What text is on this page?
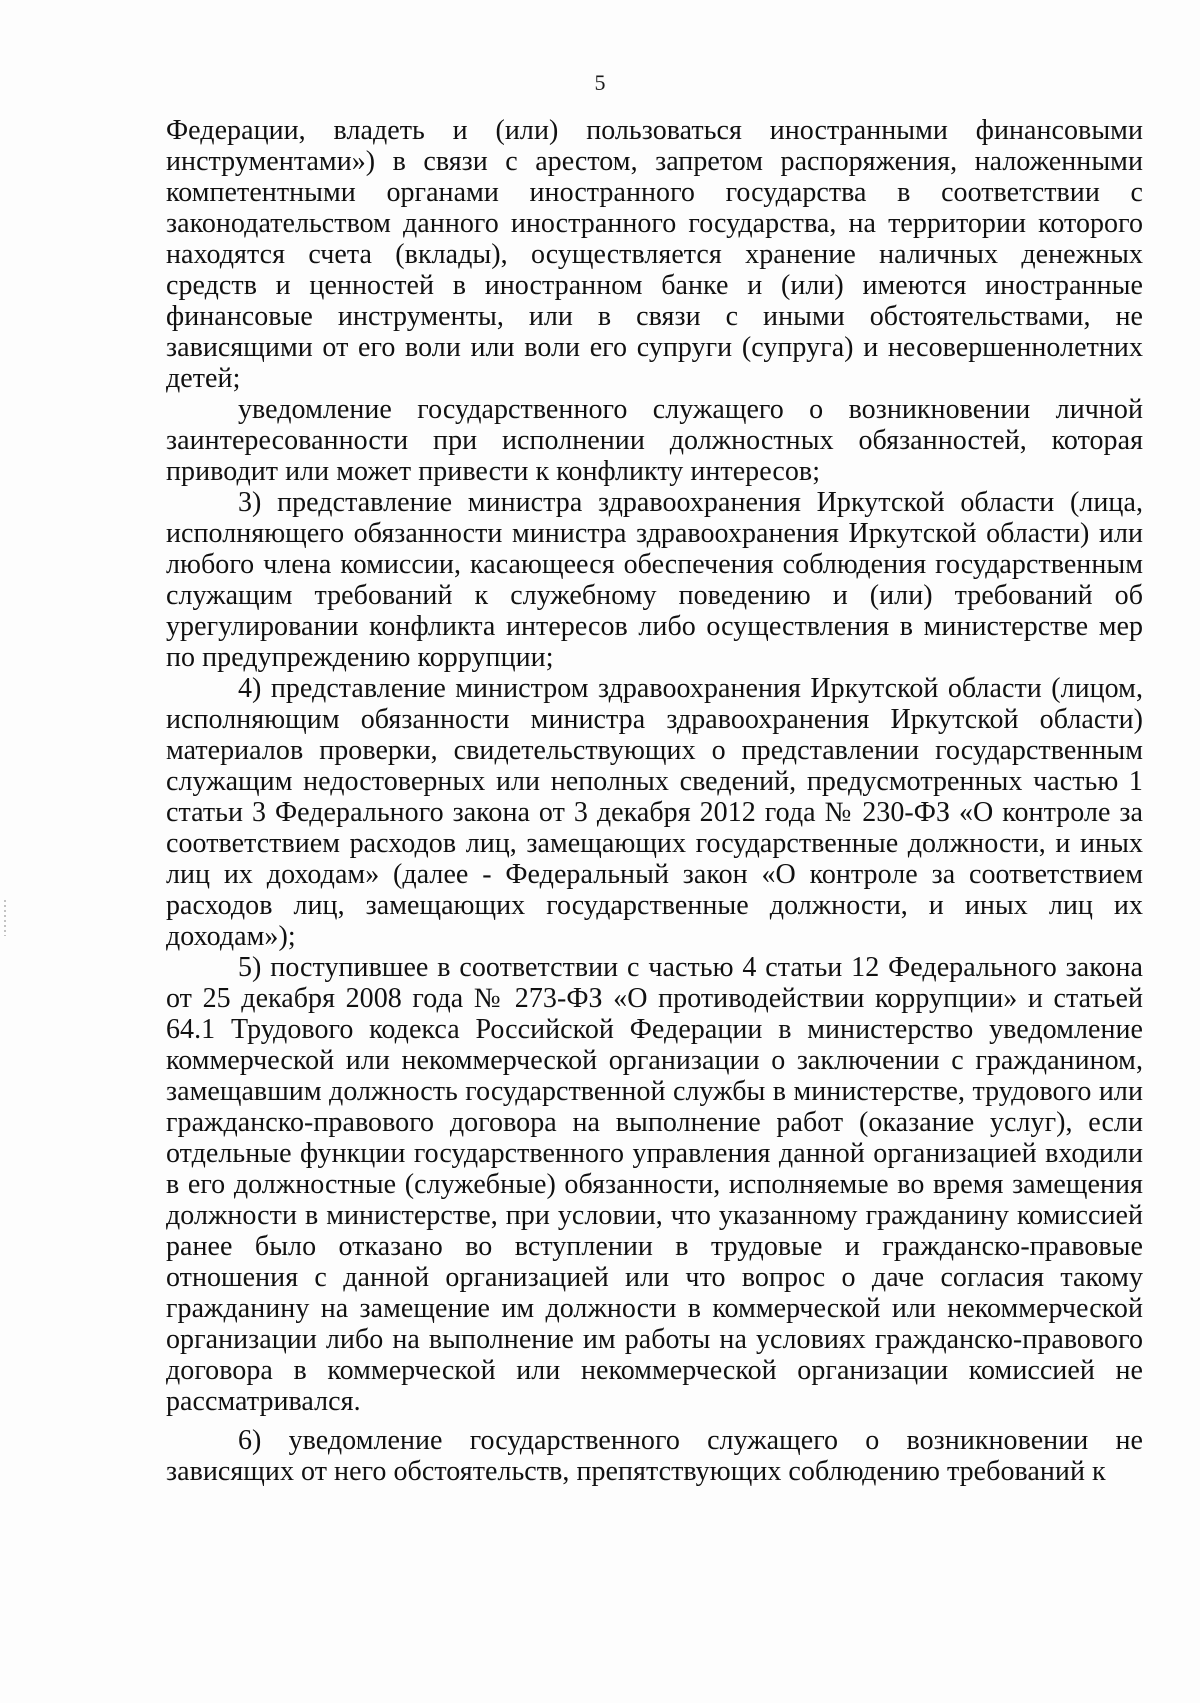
5

Федерации, владеть и (или) пользоваться иностранными финансовыми инструментами») в связи с арестом, запретом распоряжения, наложенными компетентными органами иностранного государства в соответствии с законодательством данного иностранного государства, на территории которого находятся счета (вклады), осуществляется хранение наличных денежных средств и ценностей в иностранном банке и (или) имеются иностранные финансовые инструменты, или в связи с иными обстоятельствами, не зависящими от его воли или воли его супруги (супруга) и несовершеннолетних детей;

уведомление государственного служащего о возникновении личной заинтересованности при исполнении должностных обязанностей, которая приводит или может привести к конфликту интересов;

3) представление министра здравоохранения Иркутской области (лица, исполняющего обязанности министра здравоохранения Иркутской области) или любого члена комиссии, касающееся обеспечения соблюдения государственным служащим требований к служебному поведению и (или) требований об урегулировании конфликта интересов либо осуществления в министерстве мер по предупреждению коррупции;

4) представление министром здравоохранения Иркутской области (лицом, исполняющим обязанности министра здравоохранения Иркутской области) материалов проверки, свидетельствующих о представлении государственным служащим недостоверных или неполных сведений, предусмотренных частью 1 статьи 3 Федерального закона от 3 декабря 2012 года № 230-ФЗ «О контроле за соответствием расходов лиц, замещающих государственные должности, и иных лиц их доходам» (далее - Федеральный закон «О контроле за соответствием расходов лиц, замещающих государственные должности, и иных лиц их доходам»);

5) поступившее в соответствии с частью 4 статьи 12 Федерального закона от 25 декабря 2008 года № 273-ФЗ «О противодействии коррупции» и статьей 64.1 Трудового кодекса Российской Федерации в министерство уведомление коммерческой или некоммерческой организации о заключении с гражданином, замещавшим должность государственной службы в министерстве, трудового или гражданско-правового договора на выполнение работ (оказание услуг), если отдельные функции государственного управления данной организацией входили в его должностные (служебные) обязанности, исполняемые во время замещения должности в министерстве, при условии, что указанному гражданину комиссией ранее было отказано во вступлении в трудовые и гражданско-правовые отношения с данной организацией или что вопрос о даче согласия такому гражданину на замещение им должности в коммерческой или некоммерческой организации либо на выполнение им работы на условиях гражданско-правового договора в коммерческой или некоммерческой организации комиссией не рассматривался.

6) уведомление государственного служащего о возникновении не зависящих от него обстоятельств, препятствующих соблюдению требований к
